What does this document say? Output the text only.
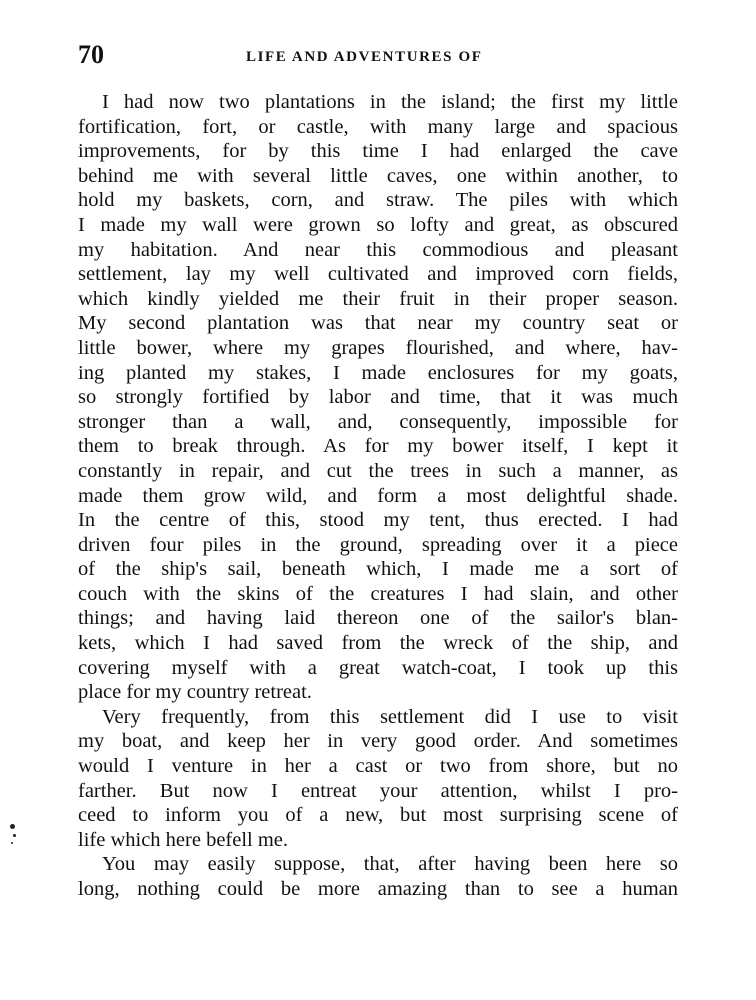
70	LIFE AND ADVENTURES OF
I had now two plantations in the island; the first my little
fortification, fort, or castle, with many large and spacious
improvements, for by this time I had enlarged the cave
behind me with several little caves, one within another, to
hold my baskets, corn, and straw. The piles with which
I made my wall were grown so lofty and great, as obscured
my habitation. And near this commodious and pleasant
settlement, lay my well cultivated and improved corn fields,
which kindly yielded me their fruit in their proper season.
My second plantation was that near my country seat or
little bower, where my grapes flourished, and where, hav-
ing planted my stakes, I made enclosures for my goats,
so strongly fortified by labor and time, that it was much
stronger than a wall, and, consequently, impossible for
them to break through. As for my bower itself, I kept it
constantly in repair, and cut the trees in such a manner, as
made them grow wild, and form a most delightful shade.
In the centre of this, stood my tent, thus erected. I had
driven four piles in the ground, spreading over it a piece
of the ship's sail, beneath which, I made me a sort of
couch with the skins of the creatures I had slain, and other
things; and having laid thereon one of the sailor's blan-
kets, which I had saved from the wreck of the ship, and
covering myself with a great watch-coat, I took up this
place for my country retreat.
Very frequently, from this settlement did I use to visit
my boat, and keep her in very good order. And sometimes
would I venture in her a cast or two from shore, but no
farther. But now I entreat your attention, whilst I pro-
ceed to inform you of a new, but most surprising scene of
life which here befell me.
You may easily suppose, that, after having been here so
long, nothing could be more amazing than to see a human
